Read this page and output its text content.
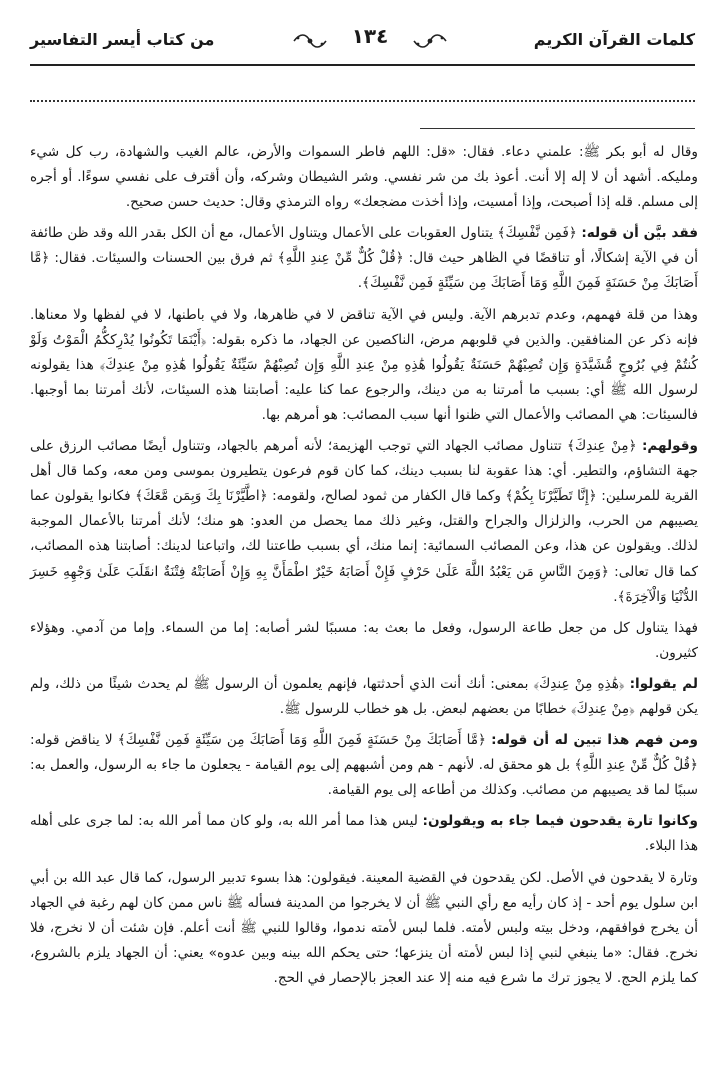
كلمات القرآن الكريم
١٣٤
من كتاب أيسر التفاسير

وقال له أبو بكر ﷺ: علمني دعاء. فقال: «قل: اللهم فاطر السموات والأرض، عالم الغيب والشهادة، رب كل شيء ومليكه. أشهد أن لا إله إلا أنت. أعوذ بك من شر نفسي. وشر الشيطان وشركه، وأن أقترف على نفسي سوءًا. أو أجره إلى مسلم. قله إذا أصبحت، وإذا أمسيت، وإذا أخذت مضجعك» رواه الترمذي وقال: حديث حسن صحيح.

فقد بيَّن أن قوله: ﴿فَمِن نَّفْسِكَ﴾ يتناول العقوبات على الأعمال ويتناول الأعمال، مع أن الكل بقدر الله وقد ظن طائفة أن في الآية إشكالًا، أو تناقضًا في الظاهر حيث قال: ﴿قُلْ كُلٌّ مِّنْ عِندِ اللَّهِ﴾ ثم فرق بين الحسنات والسيئات. فقال: ﴿مَّا أَصَابَكَ مِنْ حَسَنَةٍ فَمِنَ اللَّهِ وَمَا أَصَابَكَ مِن سَيِّئَةٍ فَمِن نَّفْسِكَ﴾.

وهذا من قلة فهمهم، وعدم تدبرهم الآية. وليس في الآية تناقض لا في ظاهرها، ولا في باطنها، لا في لفظها ولا معناها. فإنه ذكر عن المنافقين. والذين في قلوبهم مرض، الناكصين عن الجهاد، ما ذكره بقوله: ﴿أَيْنَمَا تَكُونُوا يُدْرِككُّمُ الْمَوْتُ وَلَوْ كُنتُمْ فِي بُرُوجٍ مُّشَيَّدَةٍ وَإِن تُصِبْهُمْ حَسَنَةٌ يَقُولُوا هَٰذِهِ مِنْ عِندِ اللَّهِ وَإِن تُصِبْهُمْ سَيِّئَةٌ يَقُولُوا هَٰذِهِ مِنْ عِندِكَ﴾ هذا يقولونه لرسول الله ﷺ أي: بسبب ما أمرتنا به من دينك، والرجوع عما كنا عليه: أصابتنا هذه السيئات، لأنك أمرتنا بما أوجبها. فالسيئات: هي المصائب والأعمال التي ظنوا أنها سبب المصائب: هو أمرهم بها.

وقولهم: ﴿مِنْ عِندِكَ﴾ تتناول مصائب الجهاد التي توجب الهزيمة؛ لأنه أمرهم بالجهاد، وتتناول أيضًا مصائب الرزق على جهة التشاؤم، والتطير. أي: هذا عقوبة لنا بسبب دينك، كما كان قوم فرعون يتطيرون بموسى ومن معه، وكما قال أهل القرية للمرسلين: ﴿إِنَّا تَطَيَّرْنَا بِكُمْ﴾ وكما قال الكفار من ثمود لصالح، ولقومه: ﴿اطَّيَّرْنَا بِكَ وَبِمَن مَّعَكَ﴾ فكانوا يقولون عما يصيبهم من الحرب، والزلزال والجراح والقتل، وغير ذلك مما يحصل من العدو: هو منك؛ لأنك أمرتنا بالأعمال الموجبة لذلك. ويقولون عن هذا، وعن المصائب السمائية: إنما منك، أي بسبب طاعتنا لك، واتباعنا لدينك: أصابتنا هذه المصائب، كما قال تعالى: ﴿وَمِنَ النَّاسِ مَن يَعْبُدُ اللَّهَ عَلَىٰ حَرْفٍ فَإِنْ أَصَابَهُ خَيْرٌ اطْمَأَنَّ بِهِ وَإِنْ أَصَابَتْهُ فِتْنَةٌ انقَلَبَ عَلَىٰ وَجْهِهِ خَسِرَ الدُّنْيَا وَالْآخِرَةَ﴾.

فهذا يتناول كل من جعل طاعة الرسول، وفعل ما بعث به: مسببًا لشر أصابه: إما من السماء. وإما من آدمي. وهؤلاء كثيرون.

لم يقولوا: ﴿هَٰذِهِ مِنْ عِندِكَ﴾ بمعنى: أنك أنت الذي أحدثتها، فإنهم يعلمون أن الرسول ﷺ لم يحدث شيئًا من ذلك، ولم يكن قولهم ﴿مِنْ عِندِكَ﴾ خطابًا من بعضهم لبعض. بل هو خطاب للرسول ﷺ.

ومن فهم هذا تبين له أن قوله: ﴿مَّا أَصَابَكَ مِنْ حَسَنَةٍ فَمِنَ اللَّهِ وَمَا أَصَابَكَ مِن سَيِّئَةٍ فَمِن نَّفْسِكَ﴾ لا يناقض قوله: ﴿قُلْ كُلٌّ مِّنْ عِندِ اللَّهِ﴾ بل هو محقق له. لأنهم - هم ومن أشبههم إلى يوم القيامة - يجعلون ما جاء به الرسول، والعمل به: سببًا لما قد يصيبهم من مصائب. وكذلك من أطاعه إلى يوم القيامة.

وكانوا تارة يقدحون فيما جاء به ويقولون: ليس هذا مما أمر الله به، ولو كان مما أمر الله به: لما جرى على أهله هذا البلاء.

وتارة لا يقدحون في الأصل. لكن يقدحون في القضية المعينة. فيقولون: هذا بسوء تدبير الرسول، كما قال عبد الله بن أبي ابن سلول يوم أحد - إذ كان رأيه مع رأي النبي ﷺ أن لا يخرجوا من المدينة فسأله ﷺ ناس ممن كان لهم رغبة في الجهاد أن يخرج فوافقهم، ودخل بيته ولبس لأمته. فلما لبس لأمته ندموا، وقالوا للنبي ﷺ أنت أعلم. فإن شئت أن لا نخرج، فلا نخرج. فقال: «ما ينبغي لنبي إذا لبس لأمته أن ينزعها؛ حتى يحكم الله بينه وبين عدوه» يعني: أن الجهاد يلزم بالشروع، كما يلزم الحج. لا يجوز ترك ما شرع فيه منه إلا عند العجز بالإحصار في الحج.
